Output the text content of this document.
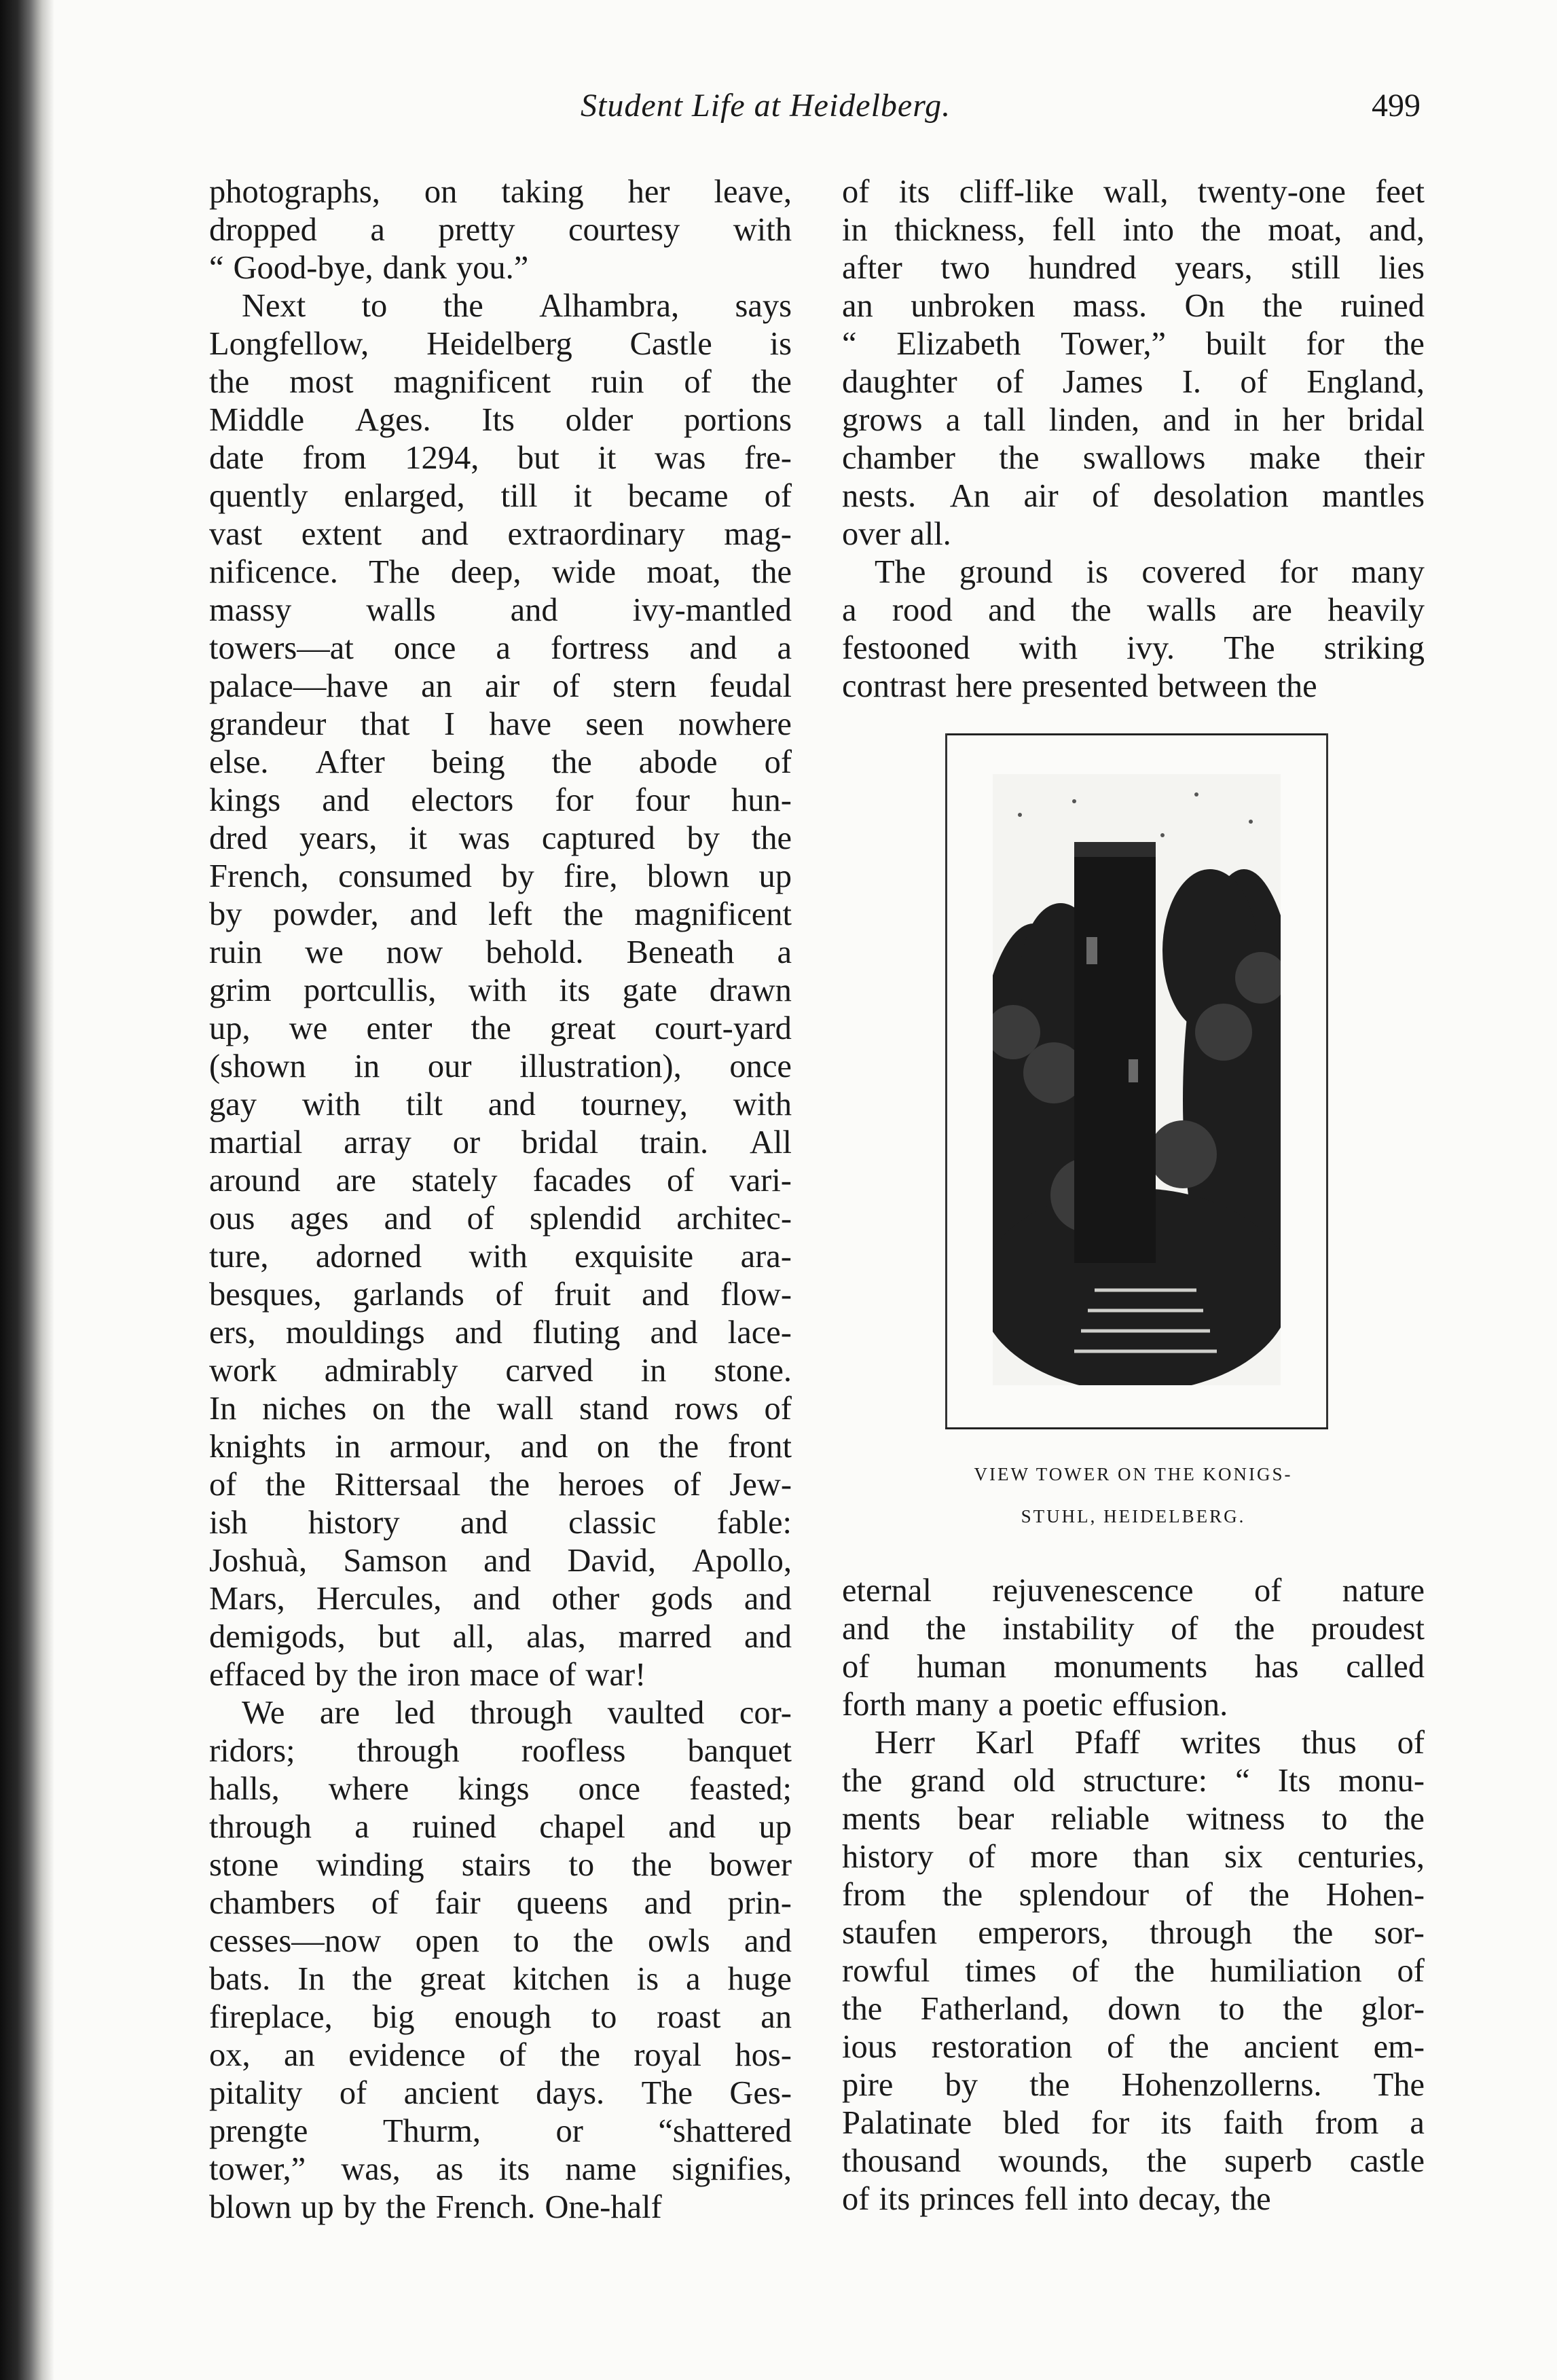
Student Life at Heidelberg.	499
photographs, on taking her leave,
dropped a pretty courtesy with
“ Good-bye, dank you.”
Next to the Alhambra, says
Longfellow, Heidelberg Castle is
the most magnificent ruin of the
Middle Ages. Its older portions
date from 1294, but it was fre-
quently enlarged, till it became of
vast extent and extraordinary mag-
nificence. The deep, wide moat, the
massy walls and ivy-mantled
towers—at once a fortress and a
palace—have an air of stern feudal
grandeur that I have seen nowhere
else. After being the abode of
kings and electors for four hun-
dred years, it was captured by the
French, consumed by fire, blown up
by powder, and left the magnificent
ruin we now behold. Beneath a
grim portcullis, with its gate drawn
up, we enter the great court-yard
(shown in our illustration), once
gay with tilt and tourney, with
martial array or bridal train. All
around are stately facades of vari-
ous ages and of splendid architec-
ture, adorned with exquisite ara-
besques, garlands of fruit and flow-
ers, mouldings and fluting and lace-
work admirably carved in stone.
In niches on the wall stand rows of
knights in armour, and on the front
of the Rittersaal the heroes of Jew-
ish history and classic fable:
Joshuà, Samson and David, Apollo,
Mars, Hercules, and other gods and
demigods, but all, alas, marred and
effaced by the iron mace of war!
We are led through vaulted cor-
ridors; through roofless banquet
halls, where kings once feasted;
through a ruined chapel and up
stone winding stairs to the bower
chambers of fair queens and prin-
cesses—now open to the owls and
bats. In the great kitchen is a huge
fireplace, big enough to roast an
ox, an evidence of the royal hos-
pitality of ancient days. The Ges-
prengte Thurm, or “shattered
tower,” was, as its name signifies,
blown up by the French. One-half
of its cliff-like wall, twenty-one feet
in thickness, fell into the moat, and,
after two hundred years, still lies
an unbroken mass. On the ruined
“ Elizabeth Tower,” built for the
daughter of James I. of England,
grows a tall linden, and in her bridal
chamber the swallows make their
nests. An air of desolation mantles
over all.
The ground is covered for many
a rood and the walls are heavily
festooned with ivy. The striking
contrast here presented between the
VIEW TOWER ON THE KONIGS-
STUHL, HEIDELBERG.
eternal rejuvenescence of nature
and the instability of the proudest
of human monuments has called
forth many a poetic effusion.
Herr Karl Pfaff writes thus of
the grand old structure: “ Its monu-
ments bear reliable witness to the
history of more than six centuries,
from the splendour of the Hohen-
staufen emperors, through the sor-
rowful times of the humiliation of
the Fatherland, down to the glor-
ious restoration of the ancient em-
pire by the Hohenzollerns. The
Palatinate bled for its faith from a
thousand wounds, the superb castle
of its princes fell into decay, the
